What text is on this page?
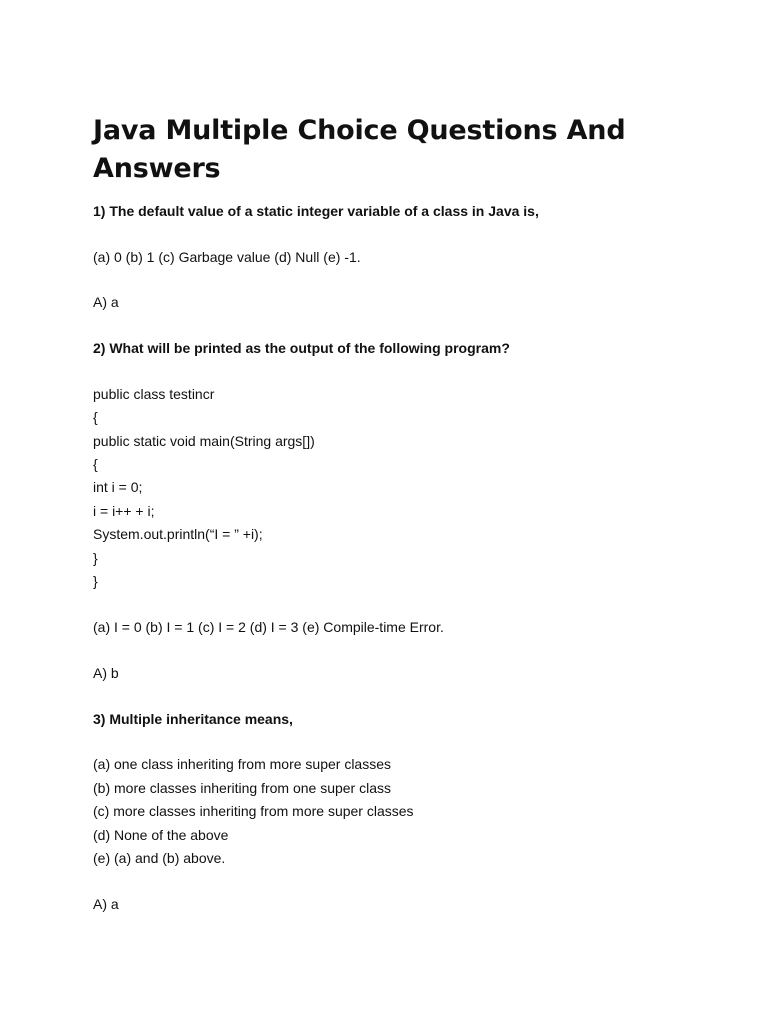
Java Multiple Choice Questions And Answers

1) The default value of a static integer variable of a class in Java is,

(a) 0 (b) 1 (c) Garbage value (d) Null (e) -1.

A) a

2) What will be printed as the output of the following program?

public class testincr

{

public static void main(String args[])

{

int i = 0;

i = i++ + i;

System.out.println(“I = ” +i);

}

}

(a) I = 0 (b) I = 1 (c) I = 2 (d) I = 3 (e) Compile-time Error.

A) b

3) Multiple inheritance means,

(a) one class inheriting from more super classes

(b) more classes inheriting from one super class

(c) more classes inheriting from more super classes

(d) None of the above

(e) (a) and (b) above.

A) a
